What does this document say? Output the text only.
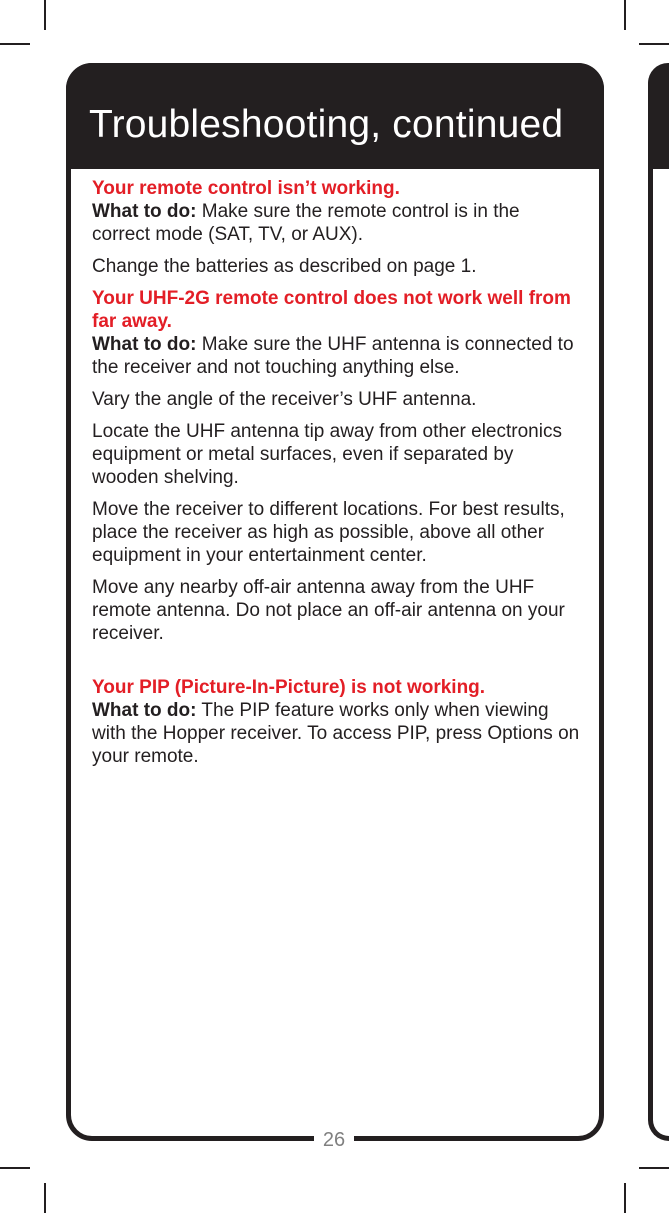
Troubleshooting, continued

Your remote control isn’t working.

What to do: Make sure the remote control is in the correct mode (SAT, TV, or AUX).

Change the batteries as described on page 1.

Your UHF-2G remote control does not work well from far away.

What to do: Make sure the UHF antenna is connected to the receiver and not touching anything else.

Vary the angle of the receiver’s UHF antenna.

Locate the UHF antenna tip away from other electronics equipment or metal surfaces, even if separated by wooden shelving.

Move the receiver to different locations. For best results, place the receiver as high as possible, above all other equipment in your entertainment center.

Move any nearby off-air antenna away from the UHF remote antenna. Do not place an off-air antenna on your receiver.

Your PIP (Picture-In-Picture) is not working.

What to do: The PIP feature works only when viewing with the Hopper receiver. To access PIP, press Options on your remote.

26
